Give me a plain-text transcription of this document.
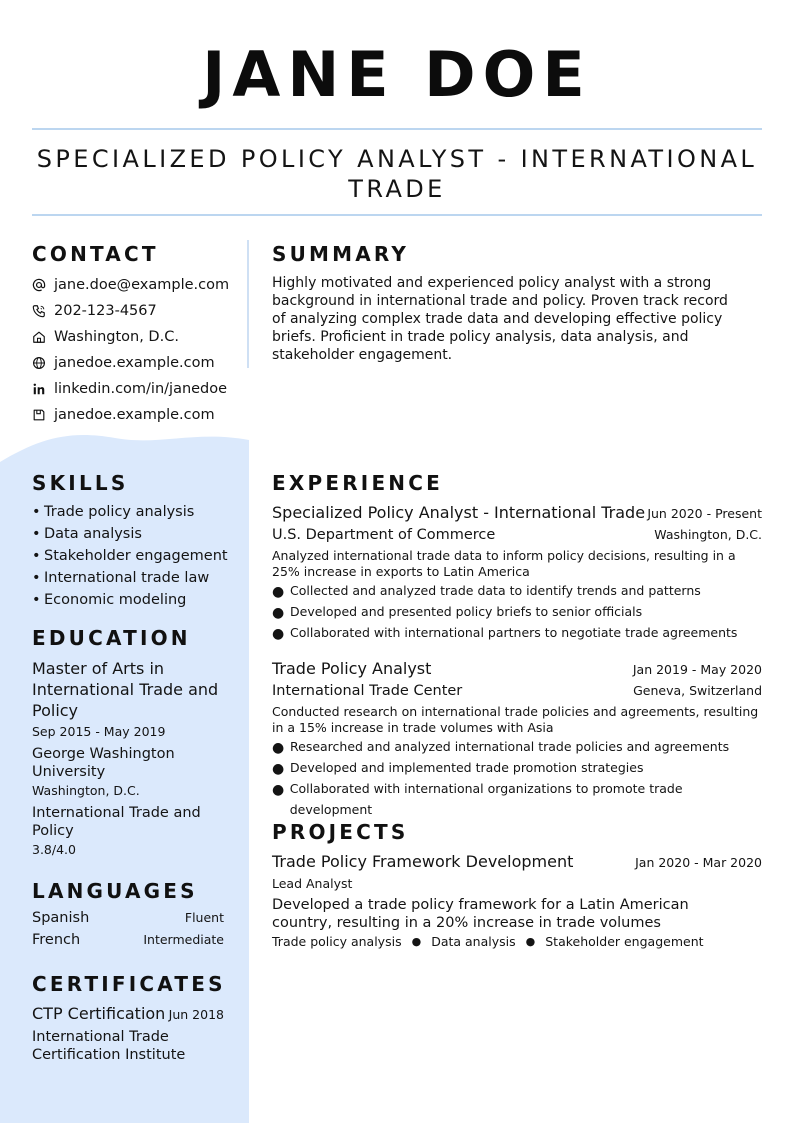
JANE DOE
SPECIALIZED POLICY ANALYST - INTERNATIONAL TRADE
CONTACT
jane.doe@example.com
202-123-4567
Washington, D.C.
janedoe.example.com
linkedin.com/in/janedoe
janedoe.example.com
SUMMARY
Highly motivated and experienced policy analyst with a strong background in international trade and policy. Proven track record of analyzing complex trade data and developing effective policy briefs. Proficient in trade policy analysis, data analysis, and stakeholder engagement.
SKILLS
• Trade policy analysis
• Data analysis
• Stakeholder engagement
• International trade law
• Economic modeling
EDUCATION
Master of Arts in International Trade and Policy
Sep 2015 - May 2019
George Washington University
Washington, D.C.
International Trade and Policy
3.8/4.0
LANGUAGES
Spanish	Fluent
French	Intermediate
CERTIFICATES
CTP Certification Jun 2018
International Trade Certification Institute
EXPERIENCE
Specialized Policy Analyst - International Trade Jun 2020 - Present
U.S. Department of Commerce	Washington, D.C.
Analyzed international trade data to inform policy decisions, resulting in a 25% increase in exports to Latin America
● Collected and analyzed trade data to identify trends and patterns
● Developed and presented policy briefs to senior officials
● Collaborated with international partners to negotiate trade agreements
Trade Policy Analyst	Jan 2019 - May 2020
International Trade Center	Geneva, Switzerland
Conducted research on international trade policies and agreements, resulting in a 15% increase in trade volumes with Asia
● Researched and analyzed international trade policies and agreements
● Developed and implemented trade promotion strategies
● Collaborated with international organizations to promote trade development
PROJECTS
Trade Policy Framework Development	Jan 2020 - Mar 2020
Lead Analyst
Developed a trade policy framework for a Latin American country, resulting in a 20% increase in trade volumes
Trade policy analysis ● Data analysis ● Stakeholder engagement
